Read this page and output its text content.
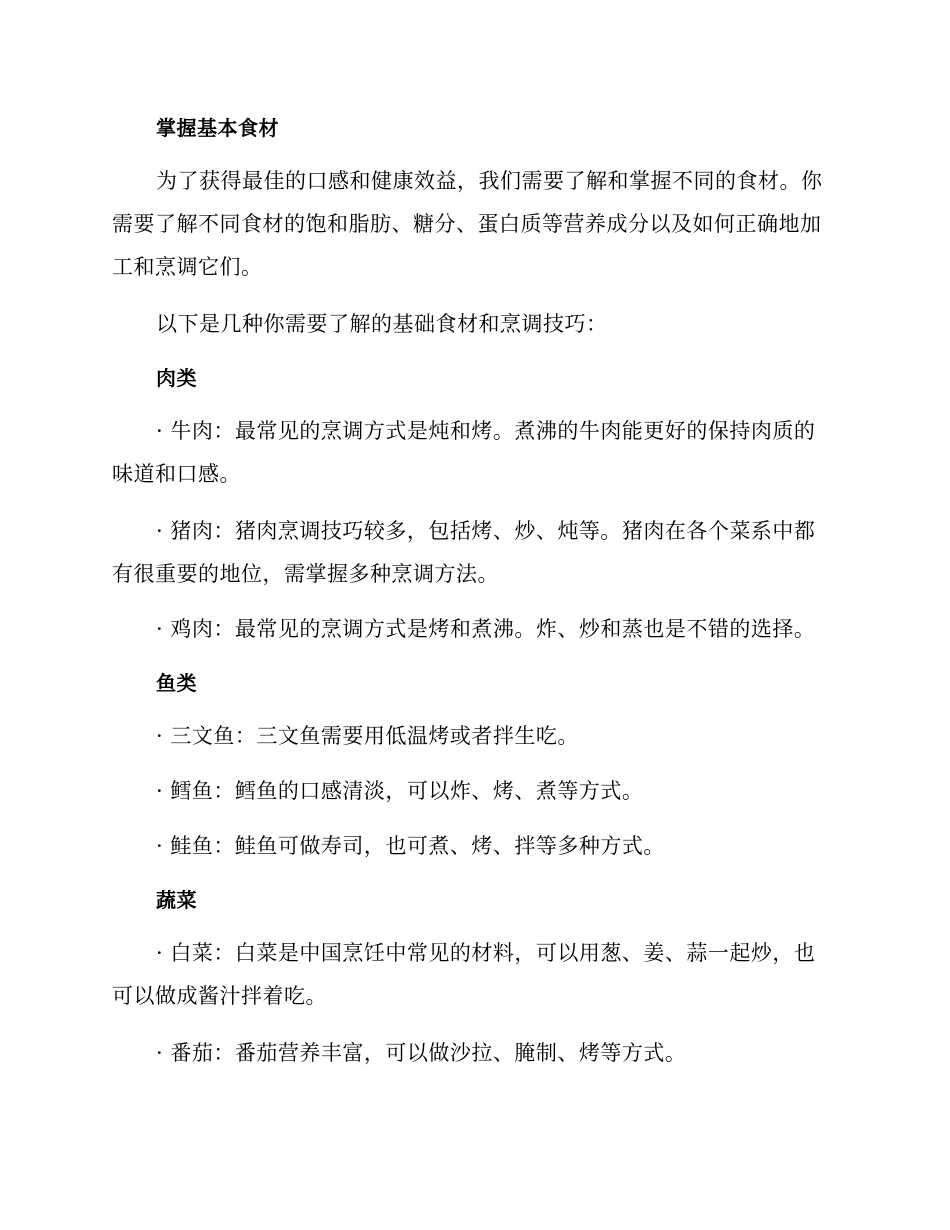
掌握基本食材

为了获得最佳的口感和健康效益，我们需要了解和掌握不同的食材。你需要了解不同食材的饱和脂肪、糖分、蛋白质等营养成分以及如何正确地加工和烹调它们。

以下是几种你需要了解的基础食材和烹调技巧：

肉类

· 牛肉：最常见的烹调方式是炖和烤。煮沸的牛肉能更好的保持肉质的味道和口感。

· 猪肉：猪肉烹调技巧较多，包括烤、炒、炖等。猪肉在各个菜系中都有很重要的地位，需掌握多种烹调方法。

· 鸡肉：最常见的烹调方式是烤和煮沸。炸、炒和蒸也是不错的选择。

鱼类

· 三文鱼：三文鱼需要用低温烤或者拌生吃。

· 鳕鱼：鳕鱼的口感清淡，可以炸、烤、煮等方式。

· 鲑鱼：鲑鱼可做寿司，也可煮、烤、拌等多种方式。

蔬菜

· 白菜：白菜是中国烹饪中常见的材料，可以用葱、姜、蒜一起炒，也可以做成酱汁拌着吃。

· 番茄：番茄营养丰富，可以做沙拉、腌制、烤等方式。
